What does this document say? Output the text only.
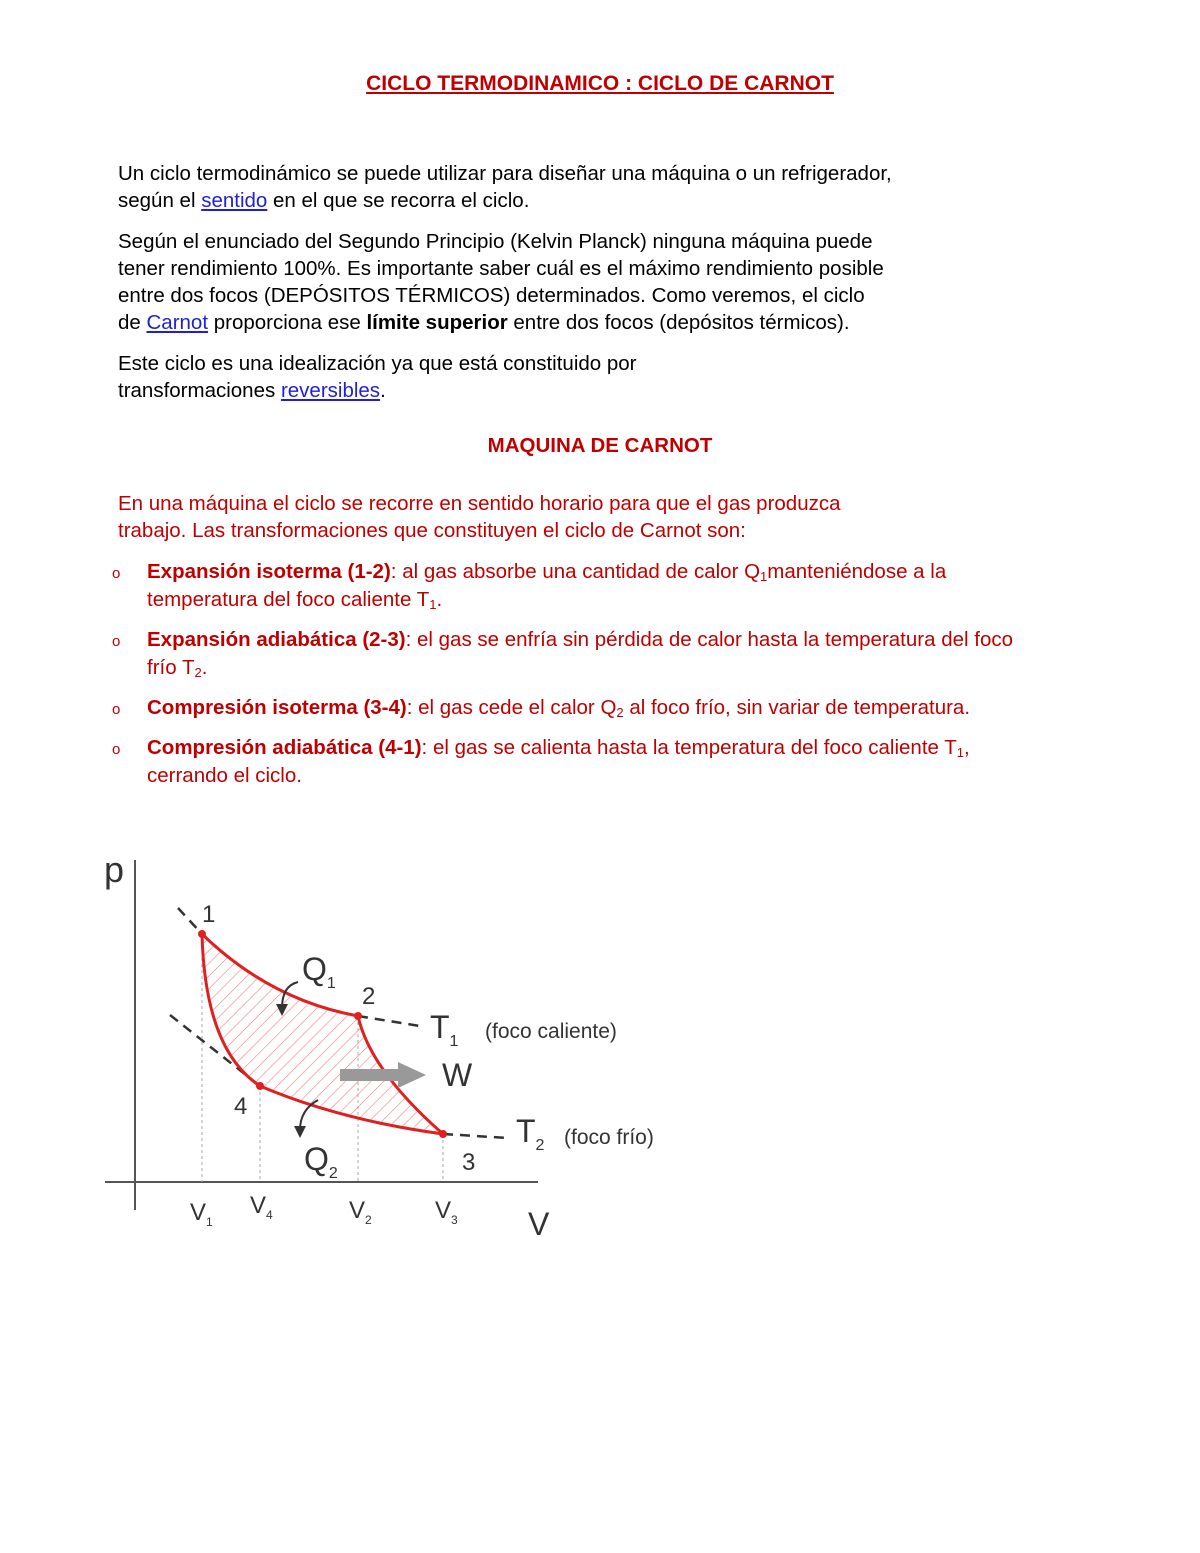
CICLO TERMODINAMICO : CICLO DE CARNOT

Un ciclo termodinámico se puede utilizar para diseñar una máquina o un refrigerador,
según el sentido en el que se recorra el ciclo.

Según el enunciado del Segundo Principio (Kelvin Planck) ninguna máquina puede
tener rendimiento 100%. Es importante saber cuál es el máximo rendimiento posible
entre dos focos (DEPÓSITOS TÉRMICOS) determinados. Como veremos, el ciclo
de Carnot proporciona ese límite superior entre dos focos (depósitos térmicos).

Este ciclo es una idealización ya que está constituido por
transformaciones reversibles.

MAQUINA DE CARNOT

En una máquina el ciclo se recorre en sentido horario para que el gas produzca
trabajo. Las transformaciones que constituyen el ciclo de Carnot son:

o Expansión isoterma (1-2): al gas absorbe una cantidad de calor $Q_1manteniéndose$ a la temperatura del foco caliente $T_1$.
o Expansión adiabática (2-3): el gas se enfría sin pérdida de calor hasta la temperatura del foco frío $T_2$.
o Compresión isoterma (3-4): el gas cede el calor $Q_2$ al foco frío, sin variar de temperatura.
o Compresión adiabática (4-1): el gas se calienta hasta la temperatura del foco caliente $T_1$, cerrando el ciclo.
p
V
1
2
3
4
$Q_1$
$Q_2$
W
$T_1$ (foco caliente)
$T_2$ (foco frío)
$V_1$
$V_4$	$V_2$	$V_3$
